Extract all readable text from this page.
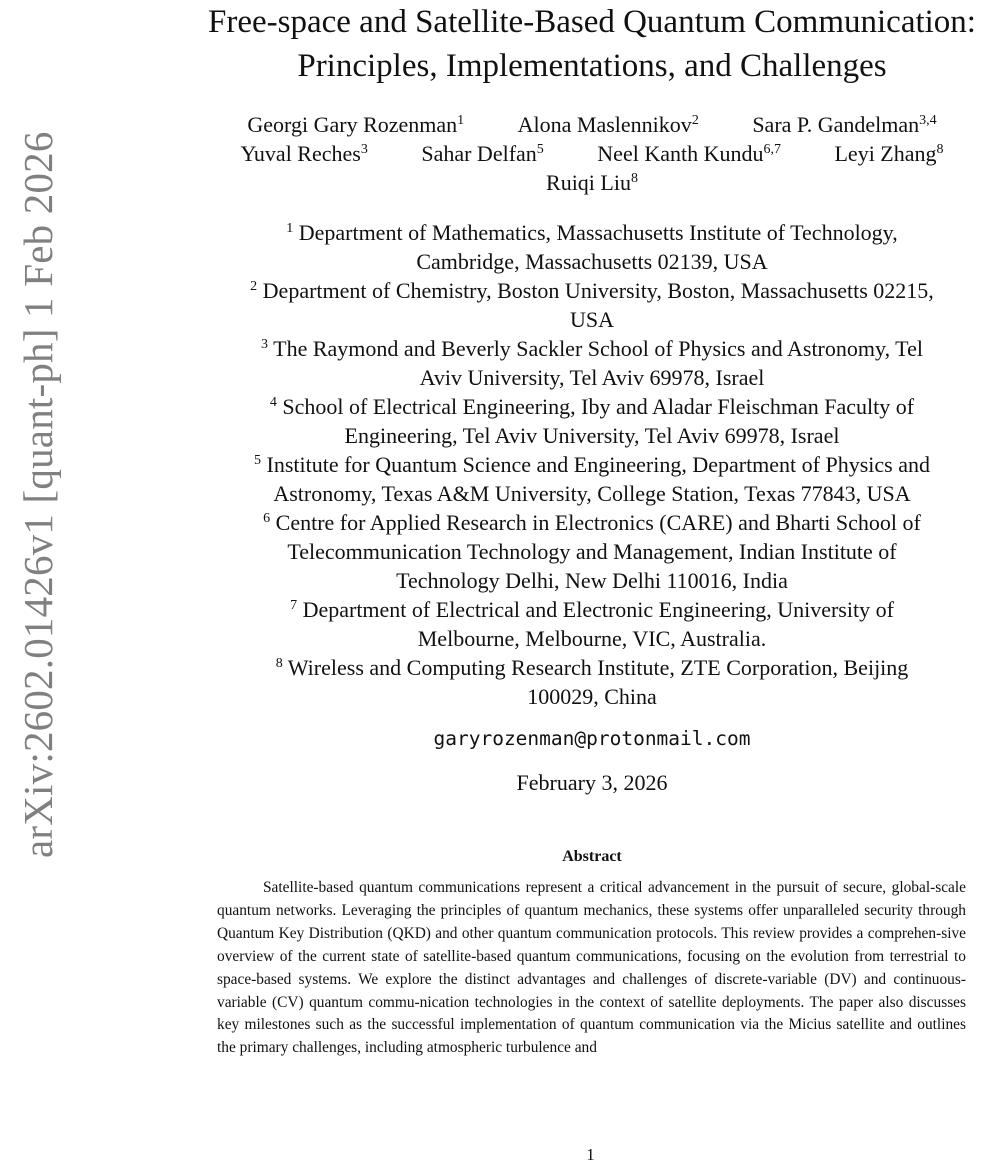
arXiv:2602.01426v1 [quant-ph] 1 Feb 2026
Free-space and Satellite-Based Quantum Communication:
Principles, Implementations, and Challenges
Georgi Gary Rozenman$^1$ Alona Maslennikov$^2$ Sara P. Gandelman$^{3,4}$
Yuval Reches$^3$ Sahar Delfan$^5$ Neel Kanth Kundu$^{6,7}$ Leyi Zhang$^8$
Ruiqi Liu$^8$
$^1$ Department of Mathematics, Massachusetts Institute of Technology,
Cambridge, Massachusetts 02139, USA
$^2$ Department of Chemistry, Boston University, Boston, Massachusetts 02215,
USA
$^3$ The Raymond and Beverly Sackler School of Physics and Astronomy, Tel
Aviv University, Tel Aviv 69978, Israel
$^4$ School of Electrical Engineering, Iby and Aladar Fleischman Faculty of
Engineering, Tel Aviv University, Tel Aviv 69978, Israel
$^5$ Institute for Quantum Science and Engineering, Department of Physics and
Astronomy, Texas A&M University, College Station, Texas 77843, USA
$^6$ Centre for Applied Research in Electronics (CARE) and Bharti School of
Telecommunication Technology and Management, Indian Institute of
Technology Delhi, New Delhi 110016, India
$^7$ Department of Electrical and Electronic Engineering, University of
Melbourne, Melbourne, VIC, Australia.
$^8$ Wireless and Computing Research Institute, ZTE Corporation, Beijing
100029, China
garyrozenman@protonmail.com
February 3, 2026
Abstract
Satellite-based quantum communications represent a critical advancement in the pursuit of secure, global-scale quantum networks. Leveraging the principles of quantum mechanics, these systems offer unparalleled security through Quantum Key Distribution (QKD) and other quantum communication protocols. This review provides a comprehen-sive overview of the current state of satellite-based quantum communications, focusing on the evolution from terrestrial to space-based systems. We explore the distinct advantages and challenges of discrete-variable (DV) and continuous-variable (CV) quantum commu-nication technologies in the context of satellite deployments. The paper also discusses key milestones such as the successful implementation of quantum communication via the Micius satellite and outlines the primary challenges, including atmospheric turbulence and
1
